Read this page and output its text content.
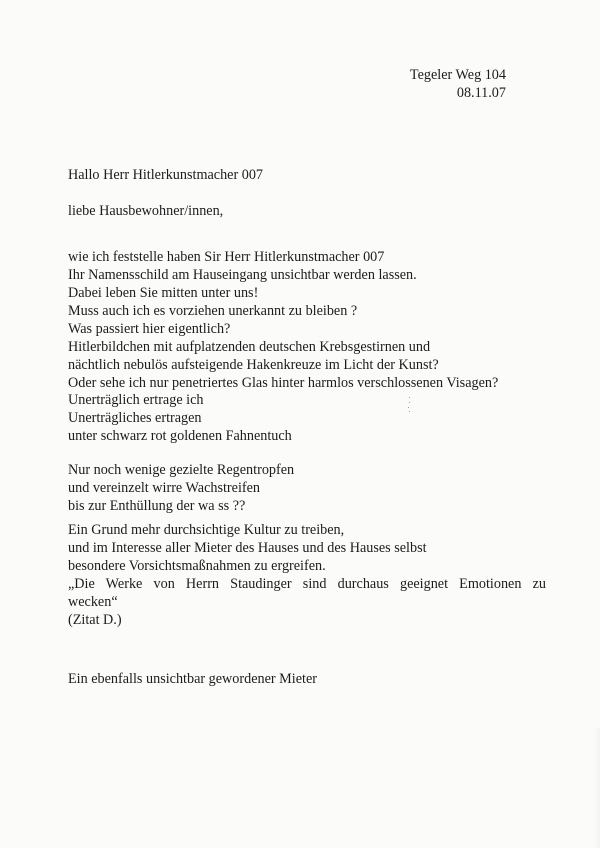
Tegeler Weg 104
08.11.07
Hallo Herr Hitlerkunstmacher 007
liebe Hausbewohner/innen,
wie ich feststelle haben Sir Herr Hitlerkunstmacher 007
Ihr Namensschild am Hauseingang unsichtbar werden lassen.
Dabei leben Sie mitten unter uns!
Muss auch ich es vorziehen unerkannt zu bleiben ?
Was passiert hier eigentlich?
Hitlerbildchen mit aufplatzenden deutschen Krebsgestirnen und
nächtlich nebulös aufsteigende Hakenkreuze im Licht der Kunst?
Oder sehe ich nur penetriertes Glas hinter harmlos verschlossenen Visagen?
Unerträglich ertrage ich
Unerträgliches ertragen
unter schwarz rot goldenen Fahnentuch
Nur noch wenige gezielte Regentropfen
und vereinzelt wirre Wachstreifen
bis zur Enthüllung der wa ss ??
Ein Grund mehr durchsichtige Kultur zu treiben,
und im Interesse aller Mieter des Hauses und des Hauses selbst
besondere Vorsichtsmaßnahmen zu ergreifen.
„Die Werke von Herrn Staudinger sind durchaus geeignet Emotionen zu
wecken“
(Zitat D.)
Ein ebenfalls unsichtbar gewordener Mieter
